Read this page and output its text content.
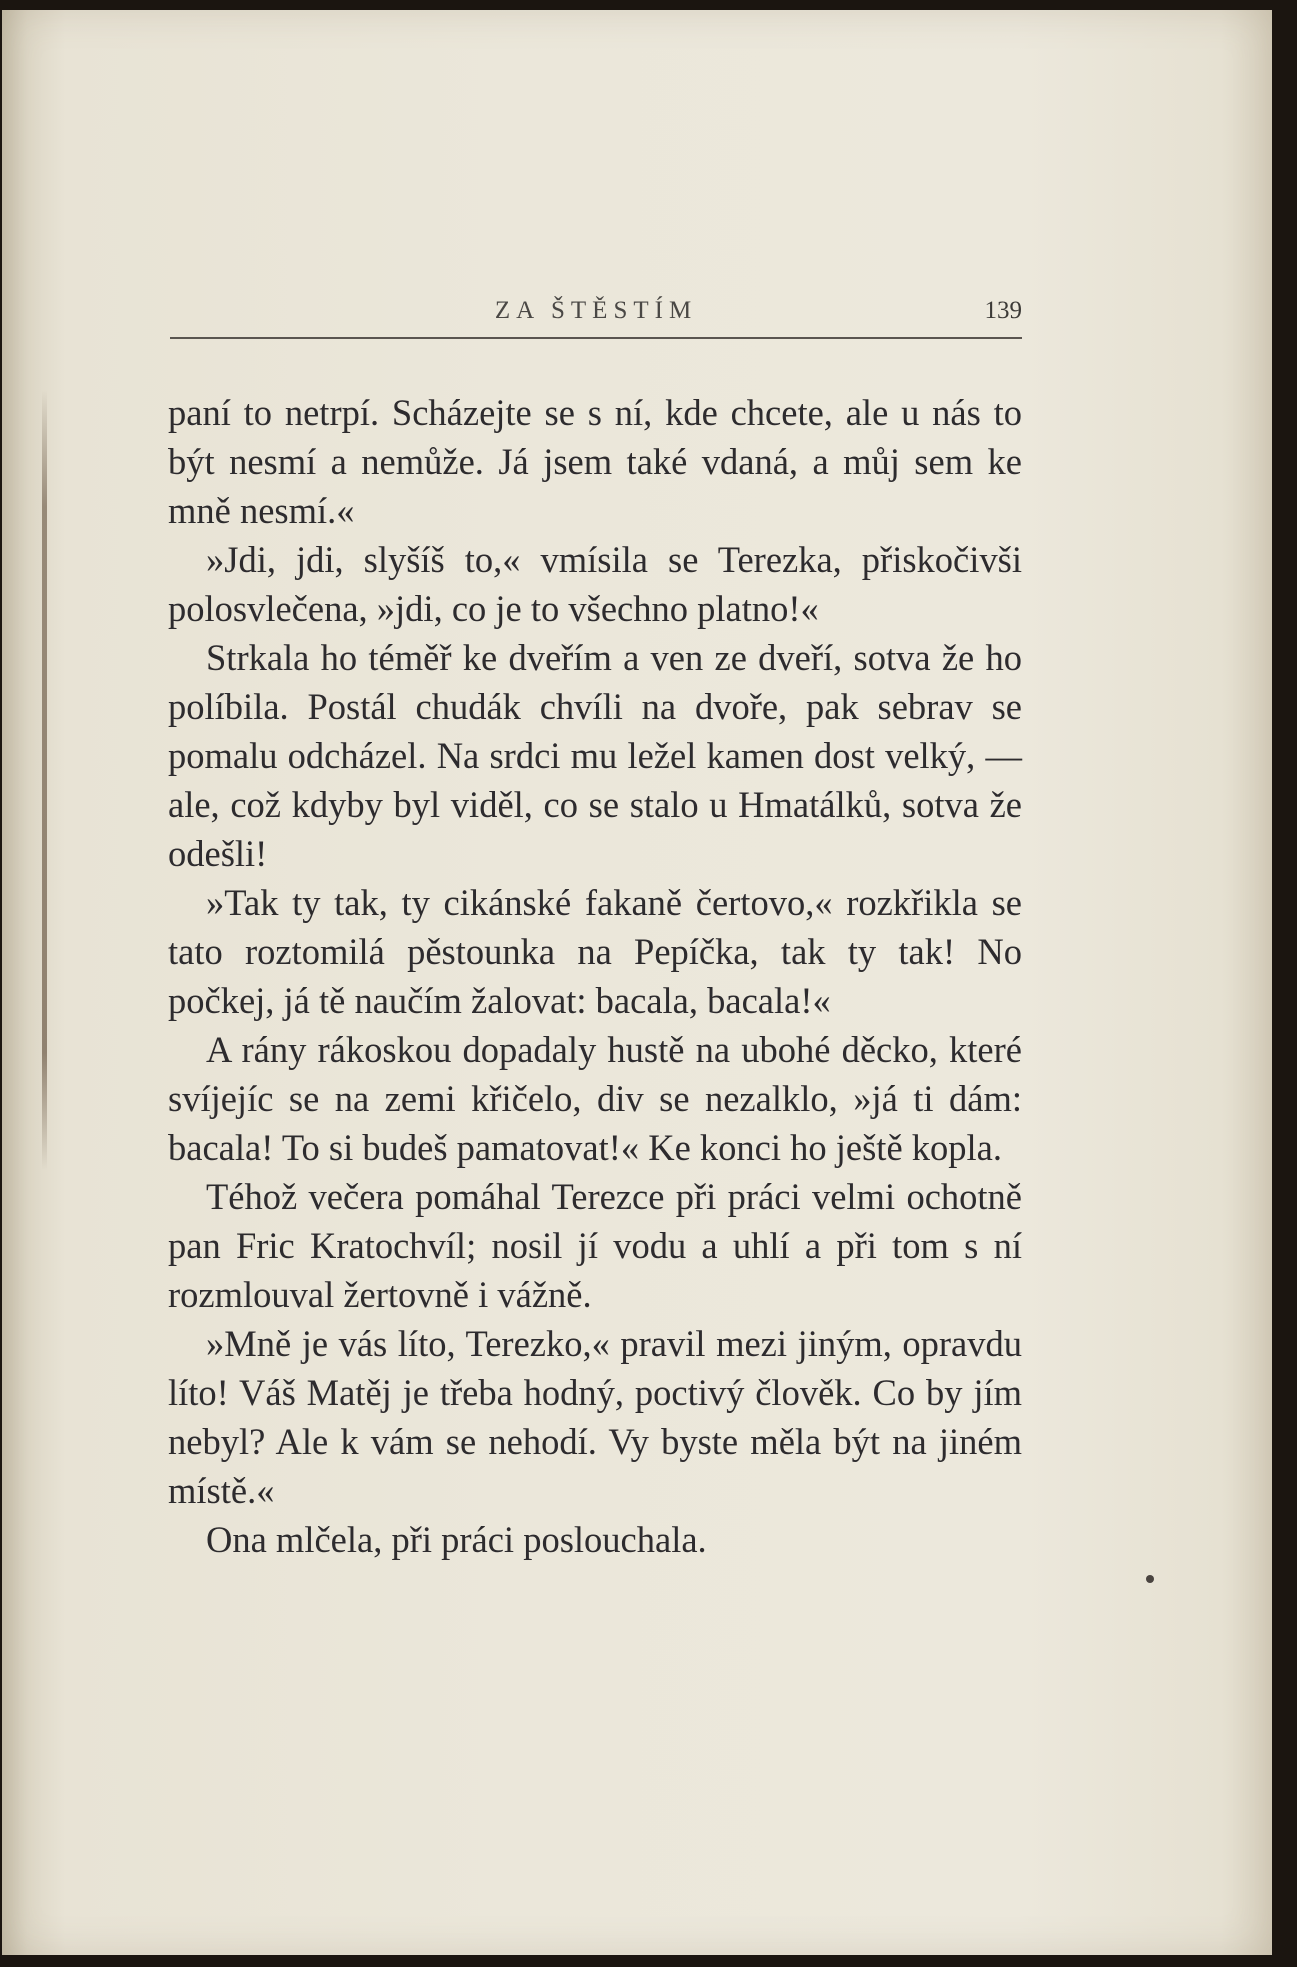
ZA ŠTĚSTÍM	139

paní to netrpí. Scházejte se s ní, kde chcete, ale u nás to být nesmí a nemůže. Já jsem také vdaná, a můj sem ke mně nesmí.«

»Jdi, jdi, slyšíš to,« vmísila se Terezka, přiskočivši polosvlečena, »jdi, co je to všechno platno!«

Strkala ho téměř ke dveřím a ven ze dveří, sotva že ho políbila. Postál chudák chvíli na dvoře, pak sebrav se pomalu odcházel. Na srdci mu ležel kamen dost velký, — ale, což kdyby byl viděl, co se stalo u Hmatálků, sotva že odešli!

»Tak ty tak, ty cikánské fakaně čertovo,« rozkřikla se tato roztomilá pěstounka na Pepíčka, tak ty tak! No počkej, já tě naučím žalovat: bacala, bacala!«

A rány rákoskou dopadaly hustě na ubohé děcko, které svíjejíc se na zemi křičelo, div se nezalklo, »já ti dám: bacala! To si budeš pamatovat!« Ke konci ho ještě kopla.

Téhož večera pomáhal Terezce při práci velmi ochotně pan Fric Kratochvíl; nosil jí vodu a uhlí a při tom s ní rozmlouval žertovně i vážně.

»Mně je vás líto, Terezko,« pravil mezi jiným, opravdu líto! Váš Matěj je třeba hodný, poctivý člověk. Co by jím nebyl? Ale k vám se nehodí. Vy byste měla být na jiném místě.«

Ona mlčela, při práci poslouchala.
